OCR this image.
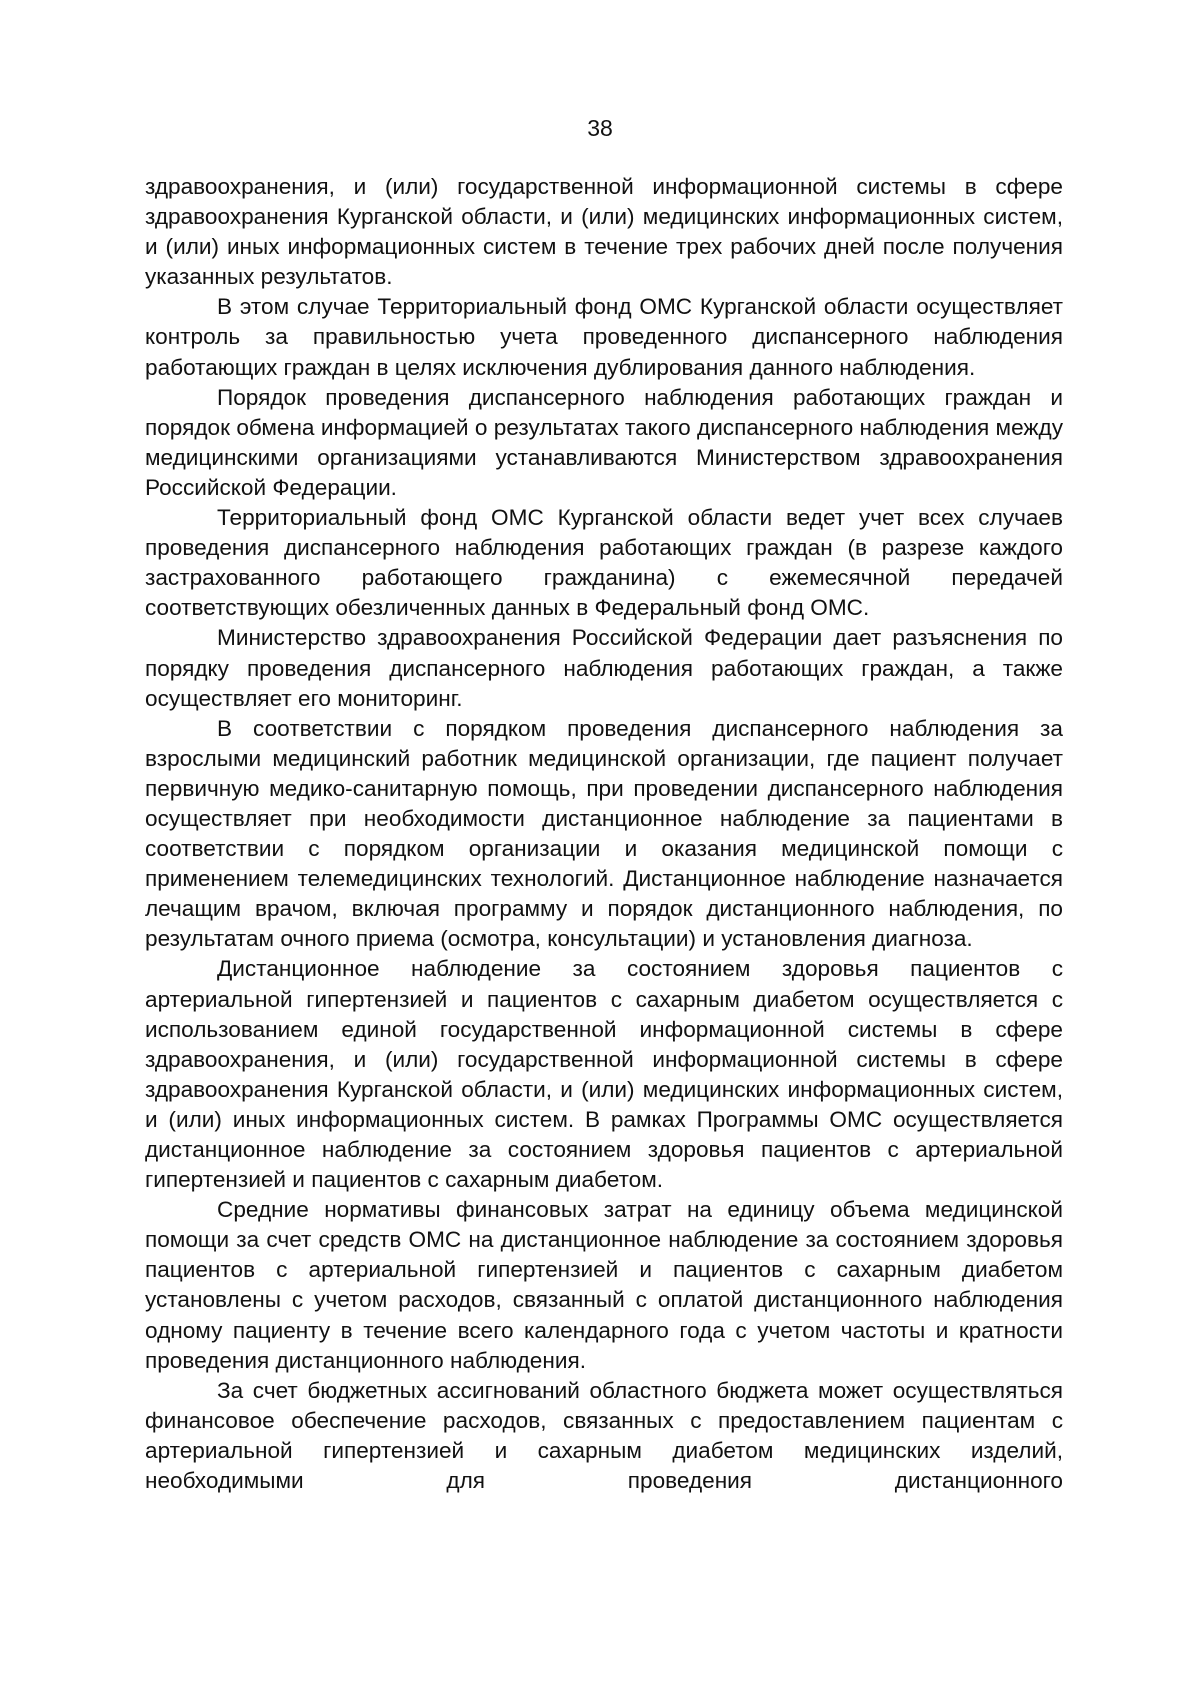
38

здравоохранения, и (или) государственной информационной системы в сфере здравоохранения Курганской области, и (или) медицинских информационных систем, и (или) иных информационных систем в течение трех рабочих дней после получения указанных результатов.

В этом случае Территориальный фонд ОМС Курганской области осуществляет контроль за правильностью учета проведенного диспансерного наблюдения работающих граждан в целях исключения дублирования данного наблюдения.

Порядок проведения диспансерного наблюдения работающих граждан и порядок обмена информацией о результатах такого диспансерного наблюдения между медицинскими организациями устанавливаются Министерством здравоохранения Российской Федерации.

Территориальный фонд ОМС Курганской области ведет учет всех случаев проведения диспансерного наблюдения работающих граждан (в разрезе каждого застрахованного работающего гражданина) с ежемесячной передачей соответствующих обезличенных данных в Федеральный фонд ОМС.

Министерство здравоохранения Российской Федерации дает разъяснения по порядку проведения диспансерного наблюдения работающих граждан, а также осуществляет его мониторинг.

В соответствии с порядком проведения диспансерного наблюдения за взрослыми медицинский работник медицинской организации, где пациент получает первичную медико-санитарную помощь, при проведении диспансерного наблюдения осуществляет при необходимости дистанционное наблюдение за пациентами в соответствии с порядком организации и оказания медицинской помощи с применением телемедицинских технологий. Дистанционное наблюдение назначается лечащим врачом, включая программу и порядок дистанционного наблюдения, по результатам очного приема (осмотра, консультации) и установления диагноза.

Дистанционное наблюдение за состоянием здоровья пациентов с артериальной гипертензией и пациентов с сахарным диабетом осуществляется с использованием единой государственной информационной системы в сфере здравоохранения, и (или) государственной информационной системы в сфере здравоохранения Курганской области, и (или) медицинских информационных систем, и (или) иных информационных систем. В рамках Программы ОМС осуществляется дистанционное наблюдение за состоянием здоровья пациентов с артериальной гипертензией и пациентов с сахарным диабетом.

Средние нормативы финансовых затрат на единицу объема медицинской помощи за счет средств ОМС на дистанционное наблюдение за состоянием здоровья пациентов с артериальной гипертензией и пациентов с сахарным диабетом установлены с учетом расходов, связанный с оплатой дистанционного наблюдения одному пациенту в течение всего календарного года с учетом частоты и кратности проведения дистанционного наблюдения.

За счет бюджетных ассигнований областного бюджета может осуществляться финансовое обеспечение расходов, связанных с предоставлением пациентам с артериальной гипертензией и сахарным диабетом медицинских изделий, необходимыми для проведения дистанционного
